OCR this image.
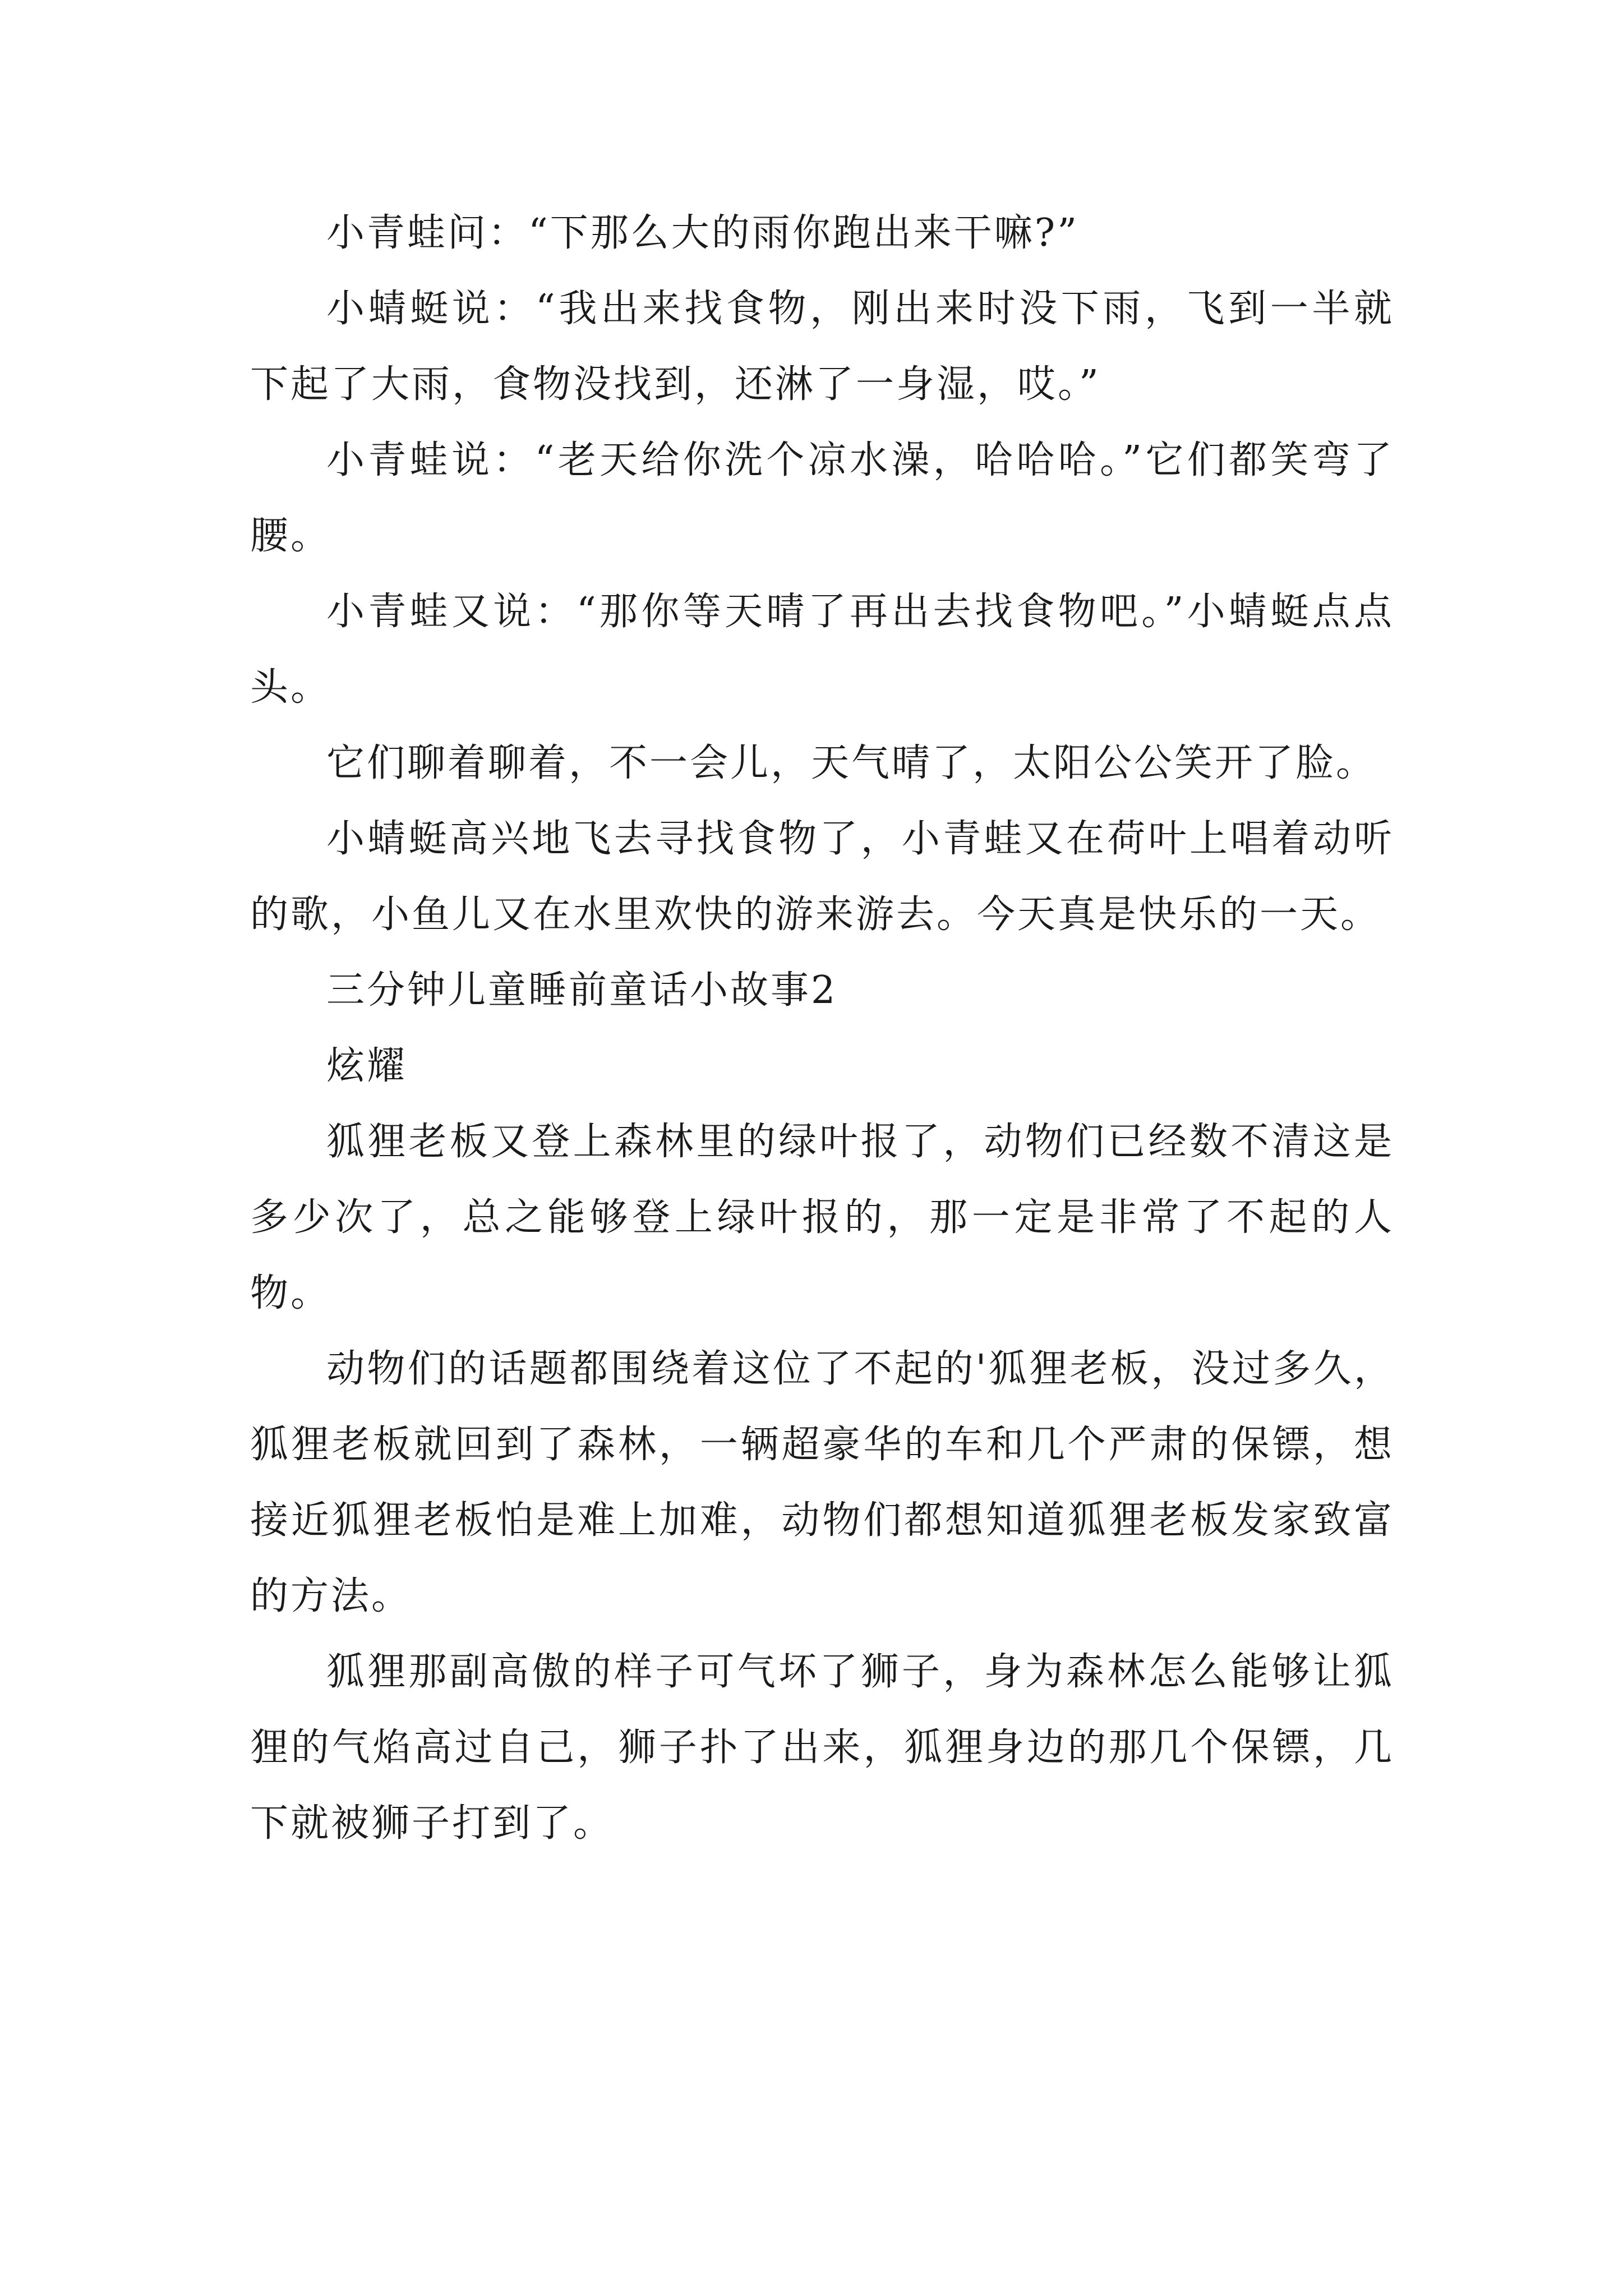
小青蛙问：“下那么大的雨你跑出来干嘛?”

小蜻蜓说：“我出来找食物，刚出来时没下雨，飞到一半就下起了大雨，食物没找到，还淋了一身湿，哎。”

小青蛙说：“老天给你洗个凉水澡，哈哈哈。”它们都笑弯了腰。

小青蛙又说：“那你等天晴了再出去找食物吧。”小蜻蜓点点头。

它们聊着聊着，不一会儿，天气晴了，太阳公公笑开了脸。

小蜻蜓高兴地飞去寻找食物了，小青蛙又在荷叶上唱着动听的歌，小鱼儿又在水里欢快的游来游去。今天真是快乐的一天。

三分钟儿童睡前童话小故事2

炫耀

狐狸老板又登上森林里的绿叶报了，动物们已经数不清这是多少次了，总之能够登上绿叶报的，那一定是非常了不起的人物。

动物们的话题都围绕着这位了不起的'狐狸老板，没过多久，狐狸老板就回到了森林，一辆超豪华的车和几个严肃的保镖，想接近狐狸老板怕是难上加难，动物们都想知道狐狸老板发家致富的方法。

狐狸那副高傲的样子可气坏了狮子，身为森林怎么能够让狐狸的气焰高过自己，狮子扑了出来，狐狸身边的那几个保镖，几下就被狮子打到了。
